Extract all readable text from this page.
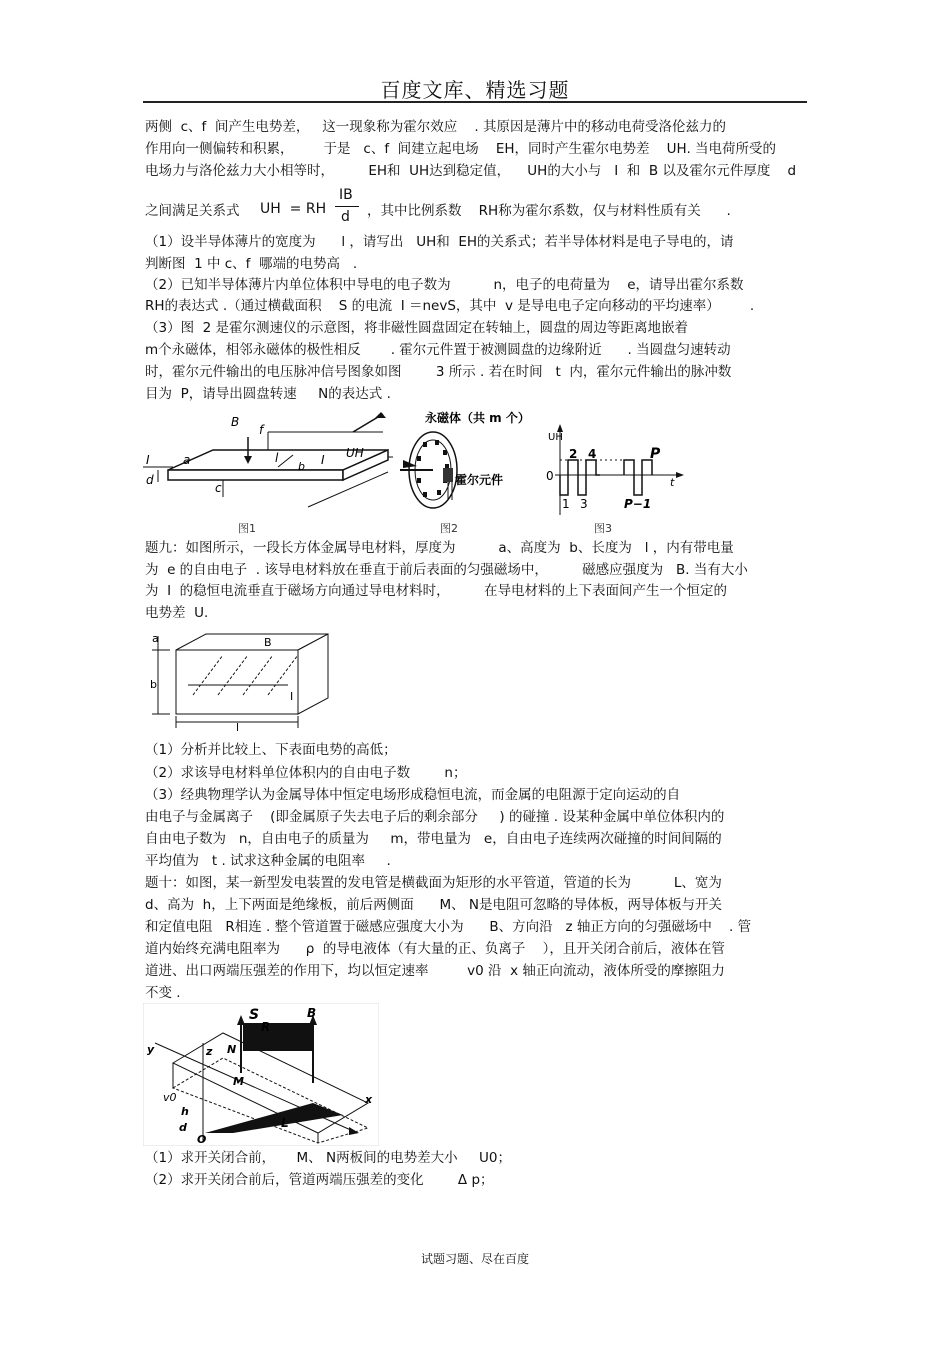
百度文库、精选习题
两侧  c、f  间产生电势差，   这一现象称为霍尔效应    . 其原因是薄片中的移动电荷受洛伦兹力的
作用向一侧偏转和积累，       于是   c、f  间建立起电场    EH，同时产生霍尔电势差    UH. 当电荷所受的
电场力与洛伦兹力大小相等时，        EH和  UH达到稳定值，    UH的大小与   I  和  B 以及霍尔元件厚度    d

之间满足关系式

UH  = RH

IB

d

，其中比例系数    RH称为霍尔系数，仅与材料性质有关      .

（1）设半导体薄片的宽度为      l ，请写出   UH和  EH的关系式；若半导体材料是电子导电的，请
判断图  1 中 c、f  哪端的电势高   .
（2）已知半导体薄片内单位体积中导电的电子数为          n，电子的电荷量为    e，请导出霍尔系数
RH的表达式 .（通过横截面积    S 的电流  I ＝nevS，其中  v 是导电电子定向移动的平均速率）       .
（3）图  2 是霍尔测速仪的示意图，将非磁性圆盘固定在转轴上，圆盘的周边等距离地嵌着
m个永磁体，相邻永磁体的极性相反       . 霍尔元件置于被测圆盘的边缘附近      . 当圆盘匀速转动
时，霍尔元件输出的电压脉冲信号图象如图        3 所示 . 若在时间   t  内，霍尔元件输出的脉冲数
目为  P，请导出圆盘转速     N的表达式 .
B
f
I	a	l
b I UH
d
c
图1
永磁体（共 m 个）
霍尔元件
图2
UH
0
1
2
3
4	P
P−1
t
图3
题九：如图所示，一段长方体金属导电材料，厚度为          a、高度为  b、长度为   l ，内有带电量
为  e 的自由电子  . 该导电材料放在垂直于前后表面的匀强磁场中，        磁感应强度为   B. 当有大小
为  I  的稳恒电流垂直于磁场方向通过导电材料时，        在导电材料的上下表面间产生一个恒定的
电势差  U.
a	B
b
I
l
（1）分析并比较上、下表面电势的高低；
（2）求该导电材料单位体积内的自由电子数        n；
（3）经典物理学认为金属导体中恒定电场形成稳恒电流，而金属的电阻源于定向运动的自
由电子与金属离子    (即金属原子失去电子后的剩余部分     ) 的碰撞 . 设某种金属中单位体积内的
自由电子数为   n，自由电子的质量为     m，带电量为   e，自由电子连续两次碰撞的时间间隔的
平均值为   t . 试求这种金属的电阻率     .
题十：如图，某一新型发电装置的发电管是横截面为矩形的水平管道，管道的长为          L、宽为
d、高为  h，上下两面是绝缘板，前后两侧面      M、 N是电阻可忽略的导体板，两导体板与开关
和定值电阻   R相连 . 整个管道置于磁感应强度大小为      B、方向沿   z 轴正方向的匀强磁场中    . 管
道内始终充满电阻率为      ρ  的导电液体（有大量的正、负离子    ），且开关闭合前后，液体在管
道进、出口两端压强差的作用下，均以恒定速率         v0 沿  x 轴正向流动，液体所受的摩擦阻力
不变 .
S
R
B
M
N
y
x
z
v0
h
d	L
O
（1）求开关闭合前，     M、 N两板间的电势差大小     U0；
（2）求开关闭合前后，管道两端压强差的变化        Δ p；
试题习题、尽在百度
